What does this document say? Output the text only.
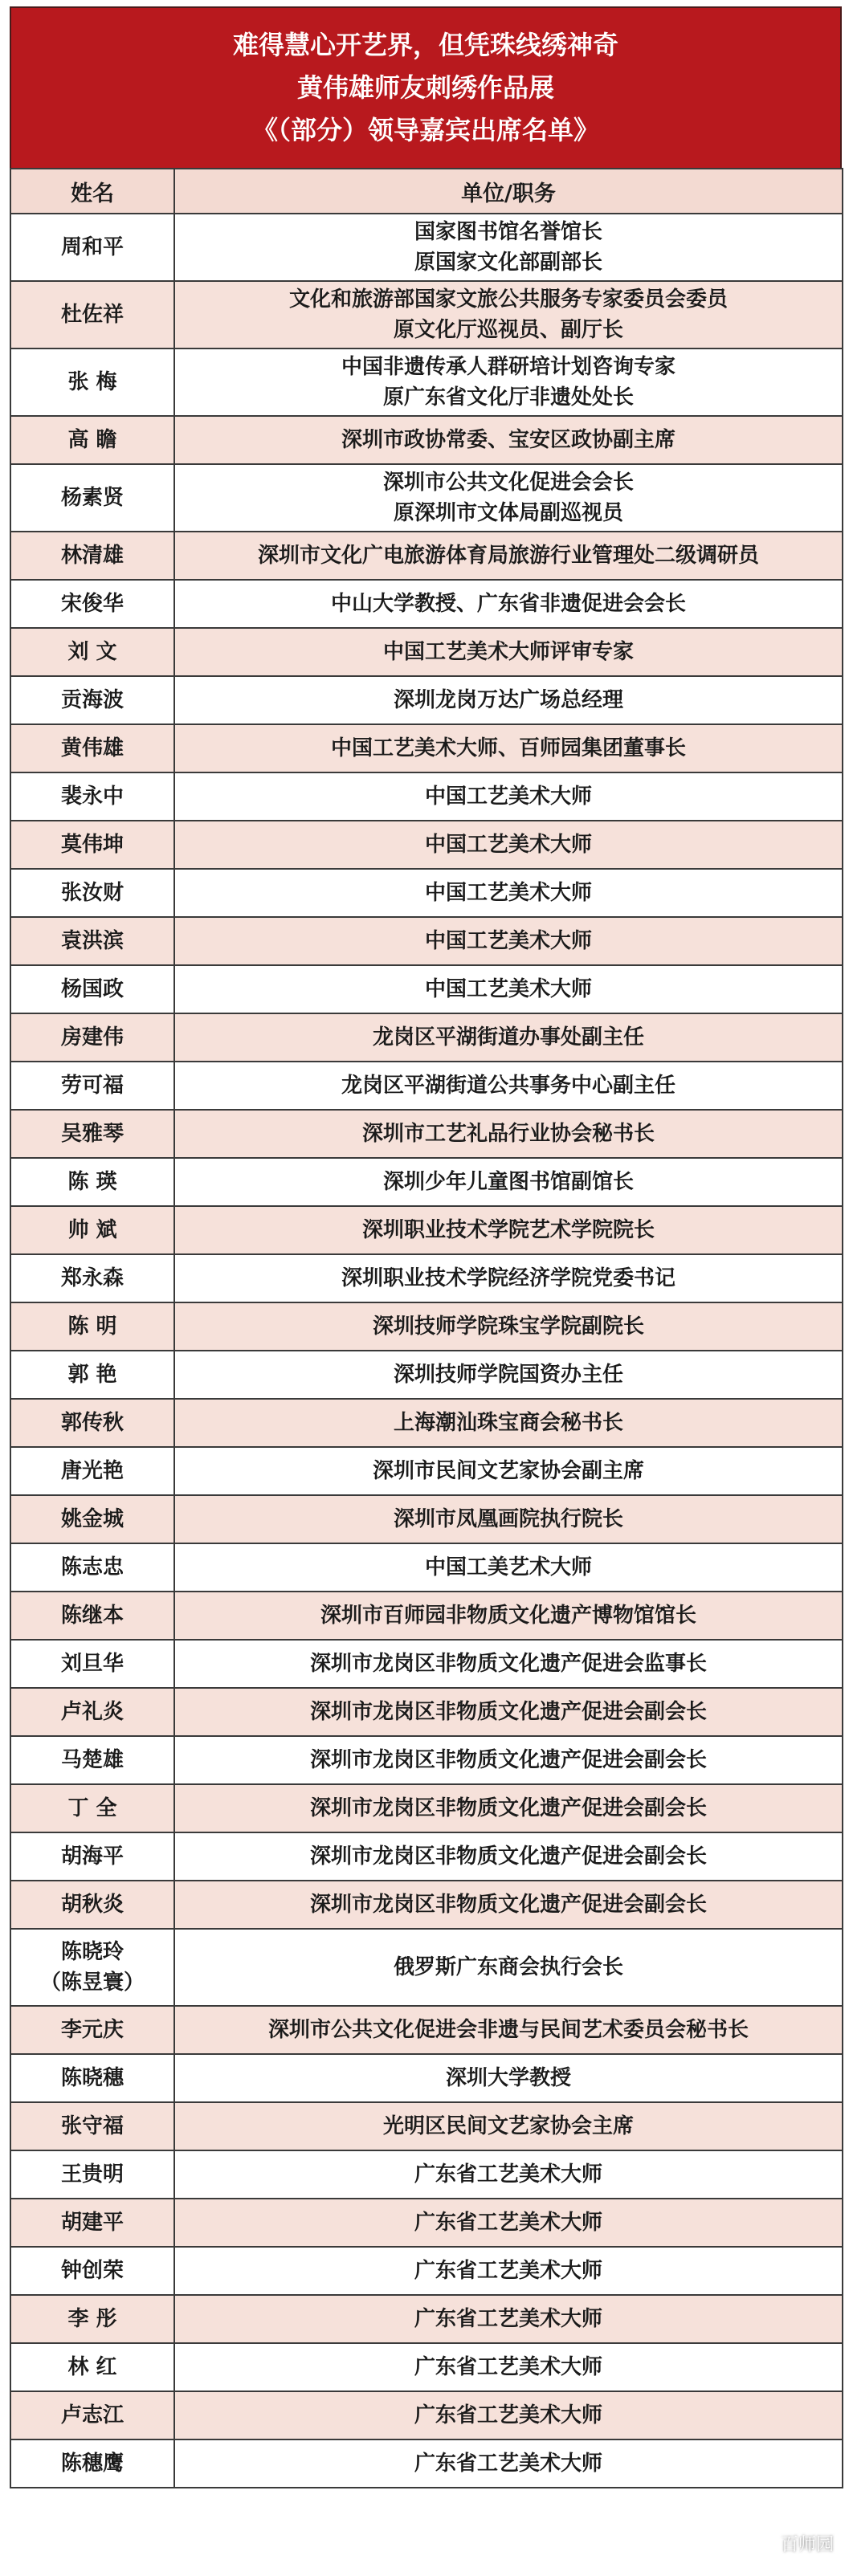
难得慧心开艺界，但凭珠线绣神奇
黄伟雄师友刺绣作品展
《（部分）领导嘉宾出席名单》
姓名	单位/职务

周和平	国家图书馆名誉馆长
原国家文化部副部长

杜佐祥	文化和旅游部国家文旅公共服务专家委员会委员
原文化厅巡视员、副厅长

张 梅	中国非遗传承人群研培计划咨询专家
原广东省文化厅非遗处处长

高 瞻	深圳市政协常委、宝安区政协副主席

杨素贤	深圳市公共文化促进会会长
原深圳市文体局副巡视员

林清雄	深圳市文化广电旅游体育局旅游行业管理处二级调研员

宋俊华	中山大学教授、广东省非遗促进会会长

刘 文	中国工艺美术大师评审专家

贡海波	深圳龙岗万达广场总经理

黄伟雄	中国工艺美术大师、百师园集团董事长

裴永中	中国工艺美术大师

莫伟坤	中国工艺美术大师

张汝财	中国工艺美术大师

袁洪滨	中国工艺美术大师

杨国政	中国工艺美术大师

房建伟	龙岗区平湖街道办事处副主任

劳可福	龙岗区平湖街道公共事务中心副主任

吴雅琴	深圳市工艺礼品行业协会秘书长

陈 瑛	深圳少年儿童图书馆副馆长

帅 斌	深圳职业技术学院艺术学院院长

郑永森	深圳职业技术学院经济学院党委书记

陈 明	深圳技师学院珠宝学院副院长

郭 艳	深圳技师学院国资办主任

郭传秋	上海潮汕珠宝商会秘书长

唐光艳	深圳市民间文艺家协会副主席

姚金城	深圳市凤凰画院执行院长

陈志忠	中国工美艺术大师

陈继本	深圳市百师园非物质文化遗产博物馆馆长

刘旦华	深圳市龙岗区非物质文化遗产促进会监事长

卢礼炎	深圳市龙岗区非物质文化遗产促进会副会长

马楚雄	深圳市龙岗区非物质文化遗产促进会副会长

丁 全	深圳市龙岗区非物质文化遗产促进会副会长

胡海平	深圳市龙岗区非物质文化遗产促进会副会长

胡秋炎	深圳市龙岗区非物质文化遗产促进会副会长

陈晓玲
（陈昱寰）	俄罗斯广东商会执行会长

李元庆	深圳市公共文化促进会非遗与民间艺术委员会秘书长

陈晓穗	深圳大学教授

张守福	光明区民间文艺家协会主席

王贵明	广东省工艺美术大师

胡建平	广东省工艺美术大师

钟创荣	广东省工艺美术大师

李 彤	广东省工艺美术大师

林 红	广东省工艺美术大师

卢志江	广东省工艺美术大师

陈穗鹰	广东省工艺美术大师
百师园
